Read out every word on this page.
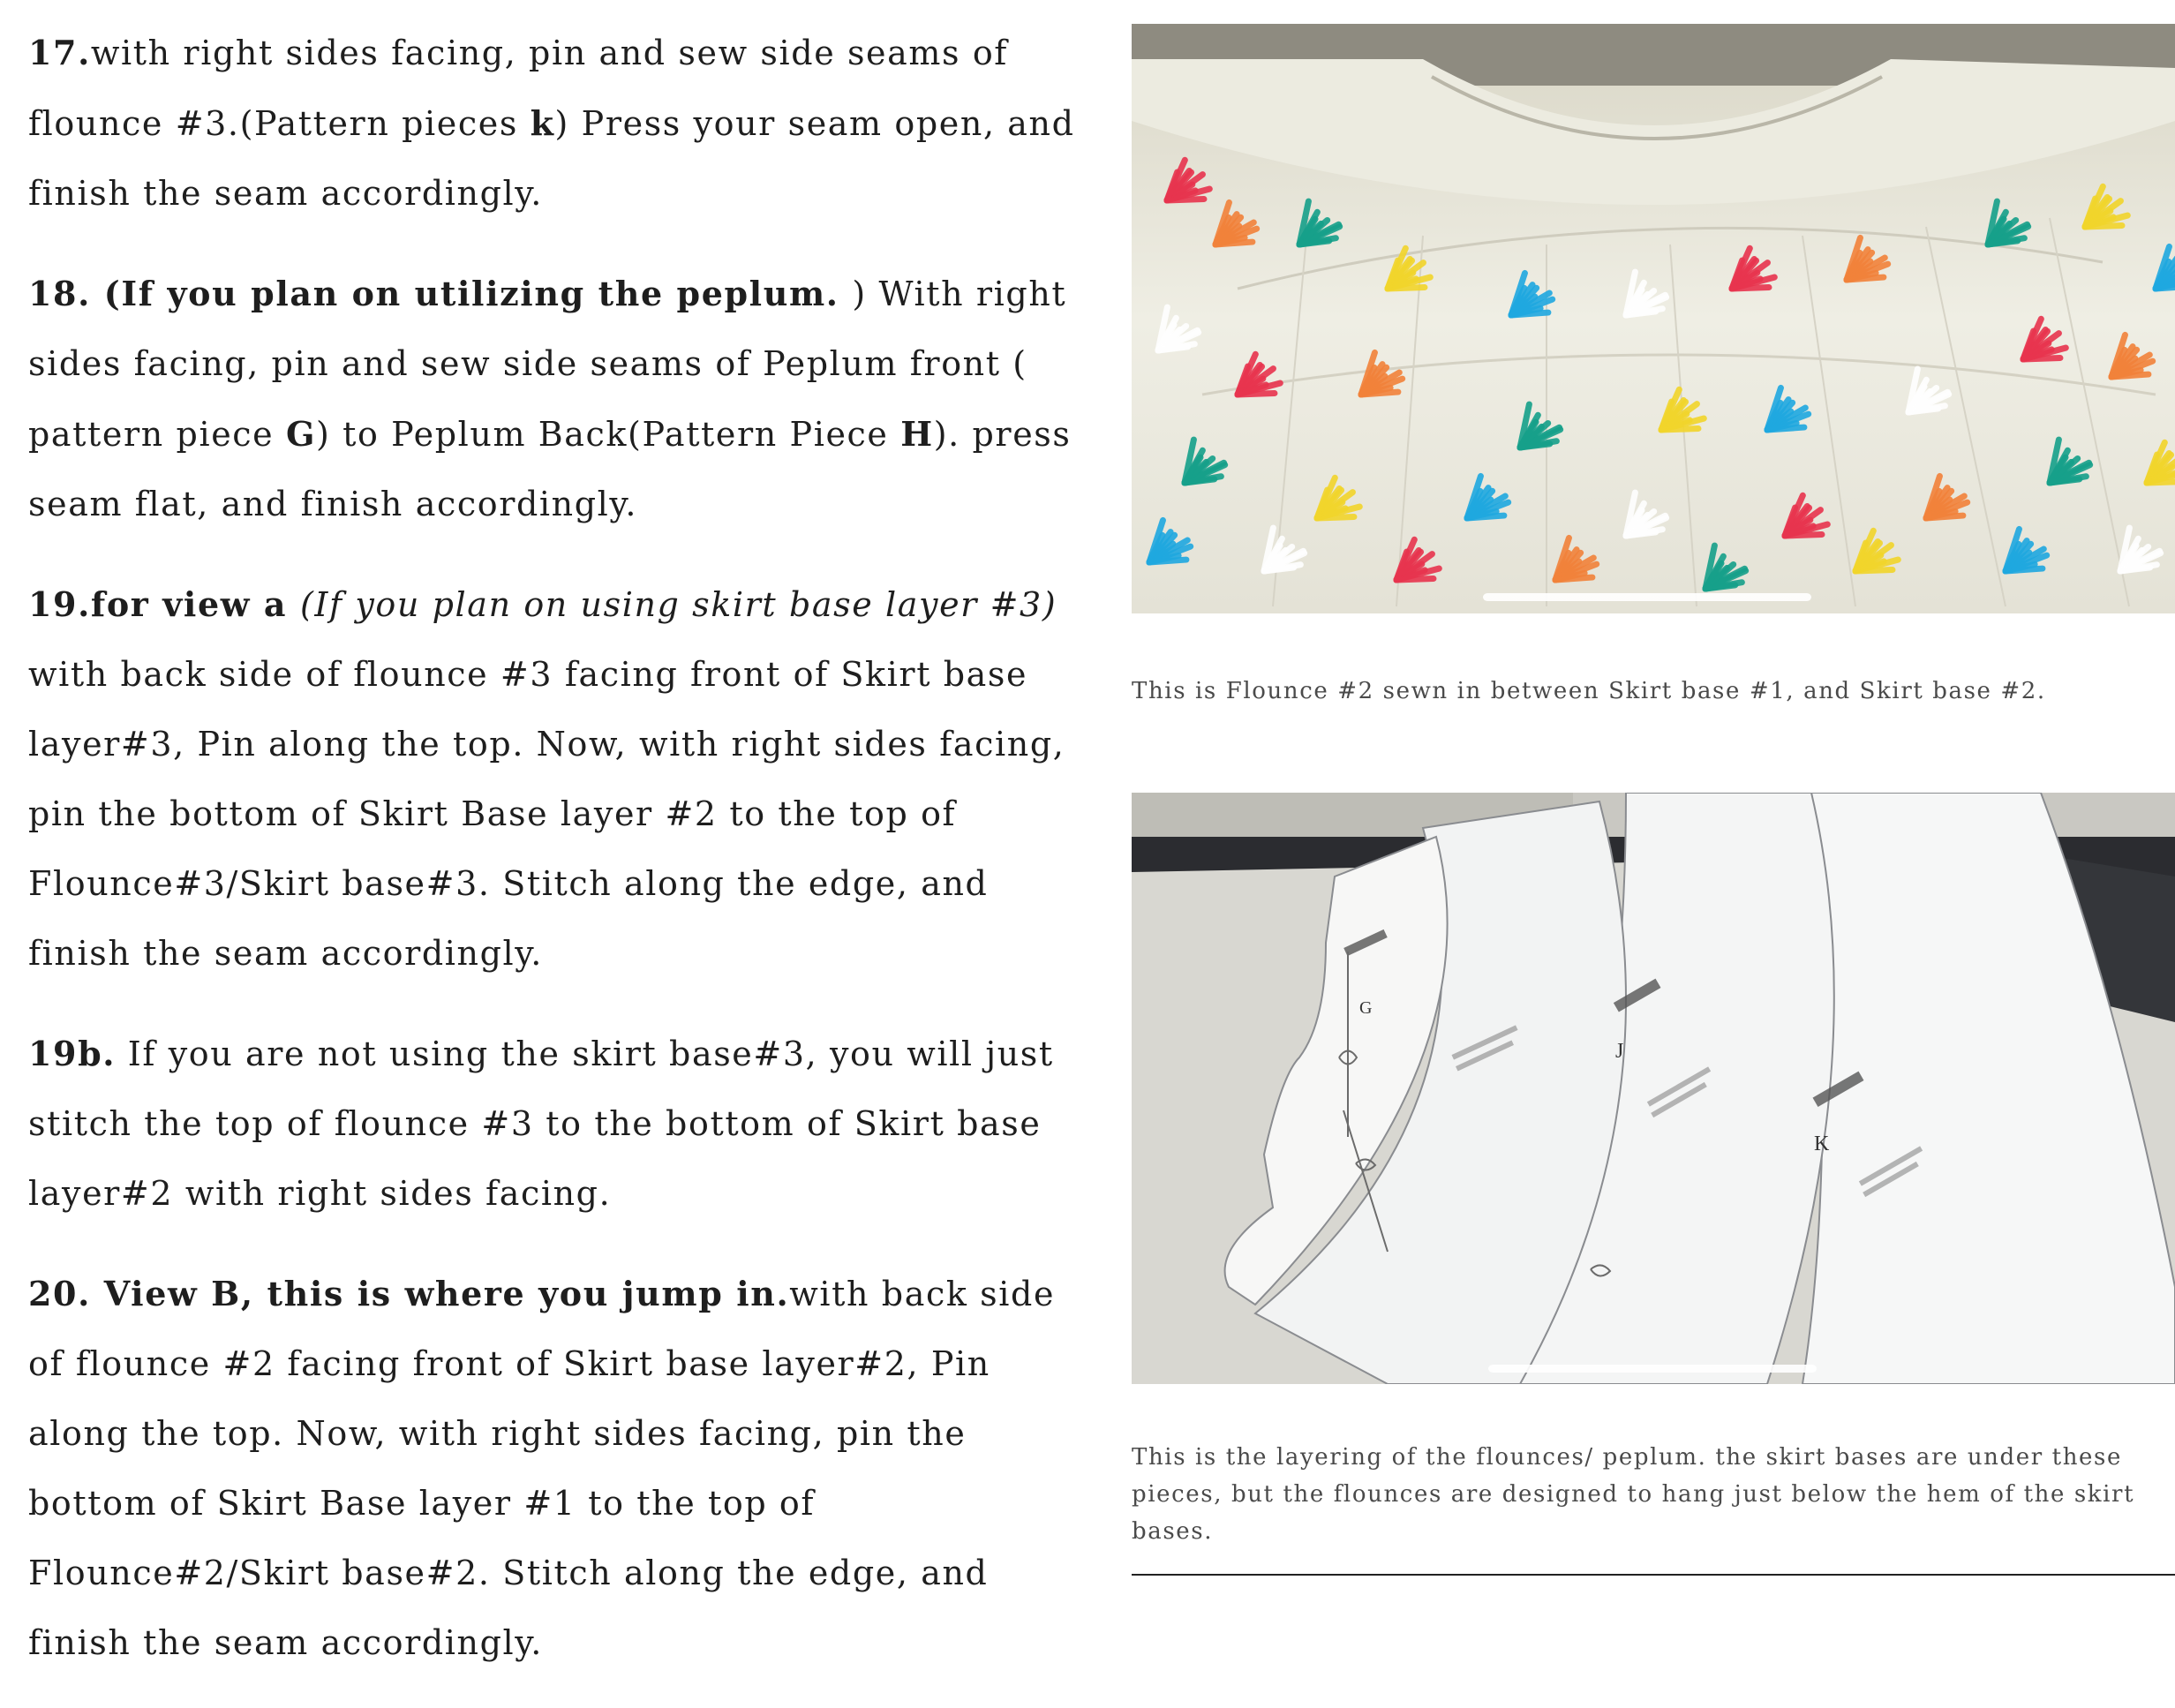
17.with right sides facing, pin and sew side seams of flounce #3.(Pattern pieces k) Press your seam open, and finish the seam accordingly.

18. (If you plan on utilizing the peplum. ) With right sides facing, pin and sew side seams of Peplum front ( pattern piece G) to Peplum Back(Pattern Piece H). press seam flat, and finish accordingly.

19.for view a (If you plan on using skirt base layer #3) with back side of flounce #3 facing front of Skirt base layer#3, Pin along the top. Now, with right sides facing, pin the bottom of Skirt Base layer #2 to the top of Flounce#3/Skirt base#3. Stitch along the edge, and finish the seam accordingly.

19b. If you are not using the skirt base#3, you will just stitch the top of flounce #3 to the bottom of Skirt base layer#2 with right sides facing.

20. View B, this is where you jump in.with back side of flounce #2 facing front of Skirt base layer#2, Pin along the top. Now, with right sides facing, pin the bottom of Skirt Base layer #1 to the top of Flounce#2/Skirt base#2. Stitch along the edge, and finish the seam accordingly.

This is Flounce #2 sewn in between Skirt base #1, and Skirt base #2.
G
J
K
This is the layering of the flounces/ peplum. the skirt bases are under these pieces, but the flounces are designed to hang just below the hem of the skirt bases.
